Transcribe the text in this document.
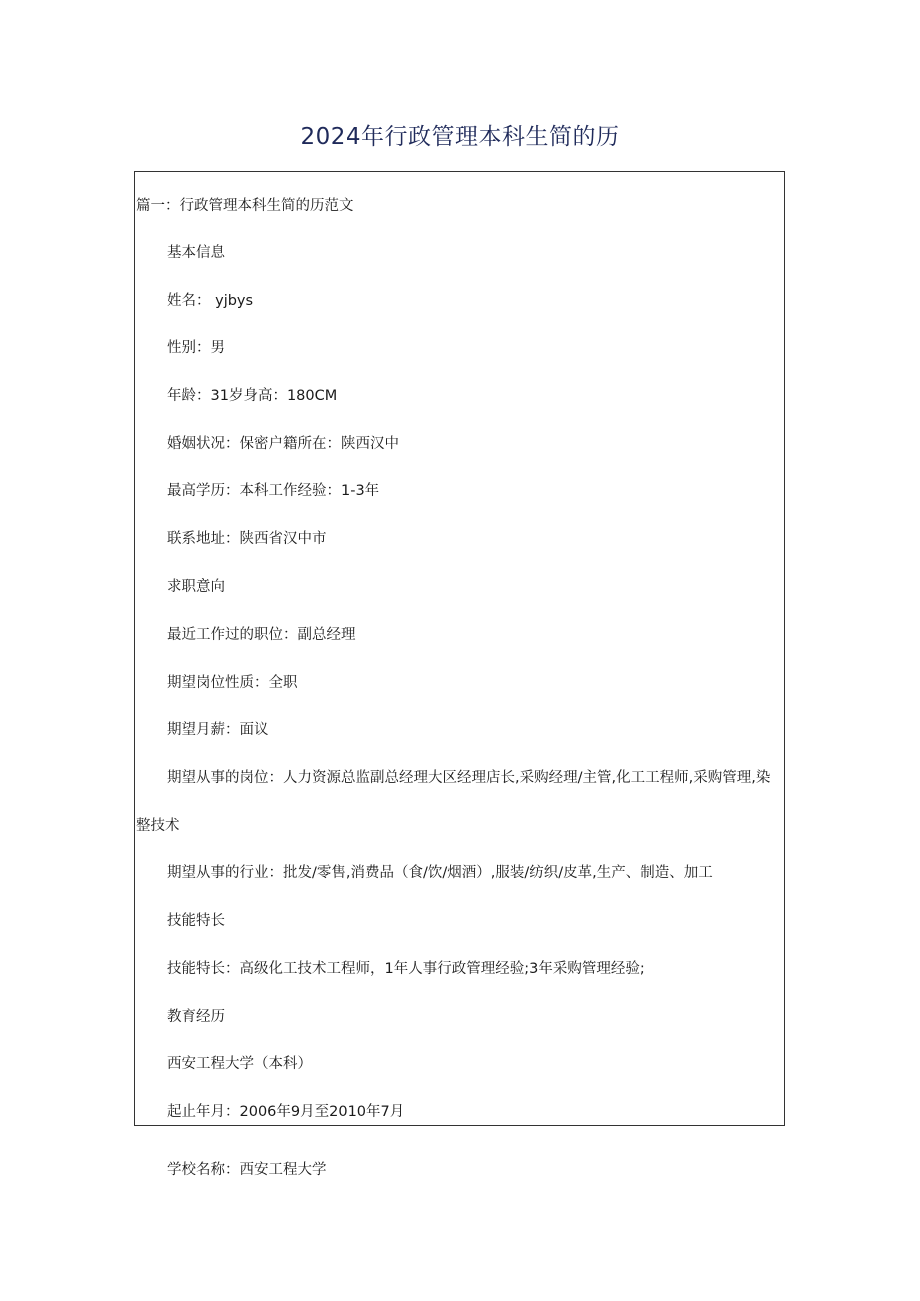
2024年行政管理本科生简的历
篇一：行政管理本科生简的历范文
基本信息
姓名： yjbys
性别：男
年龄：31岁身高：180CM
婚姻状况：保密户籍所在：陕西汉中
最高学历：本科工作经验：1-3年
联系地址：陕西省汉中市
求职意向
最近工作过的职位：副总经理
期望岗位性质：全职
期望月薪：面议
期望从事的岗位：人力资源总监副总经理大区经理店长,采购经理/主管,化工工程师,采购管理,染
整技术
期望从事的行业：批发/零售,消费品（食/饮/烟酒）,服装/纺织/皮革,生产、制造、加工
技能特长
技能特长：高级化工技术工程师，1年人事行政管理经验;3年采购管理经验;
教育经历
西安工程大学（本科）
起止年月：2006年9月至2010年7月
学校名称：西安工程大学
